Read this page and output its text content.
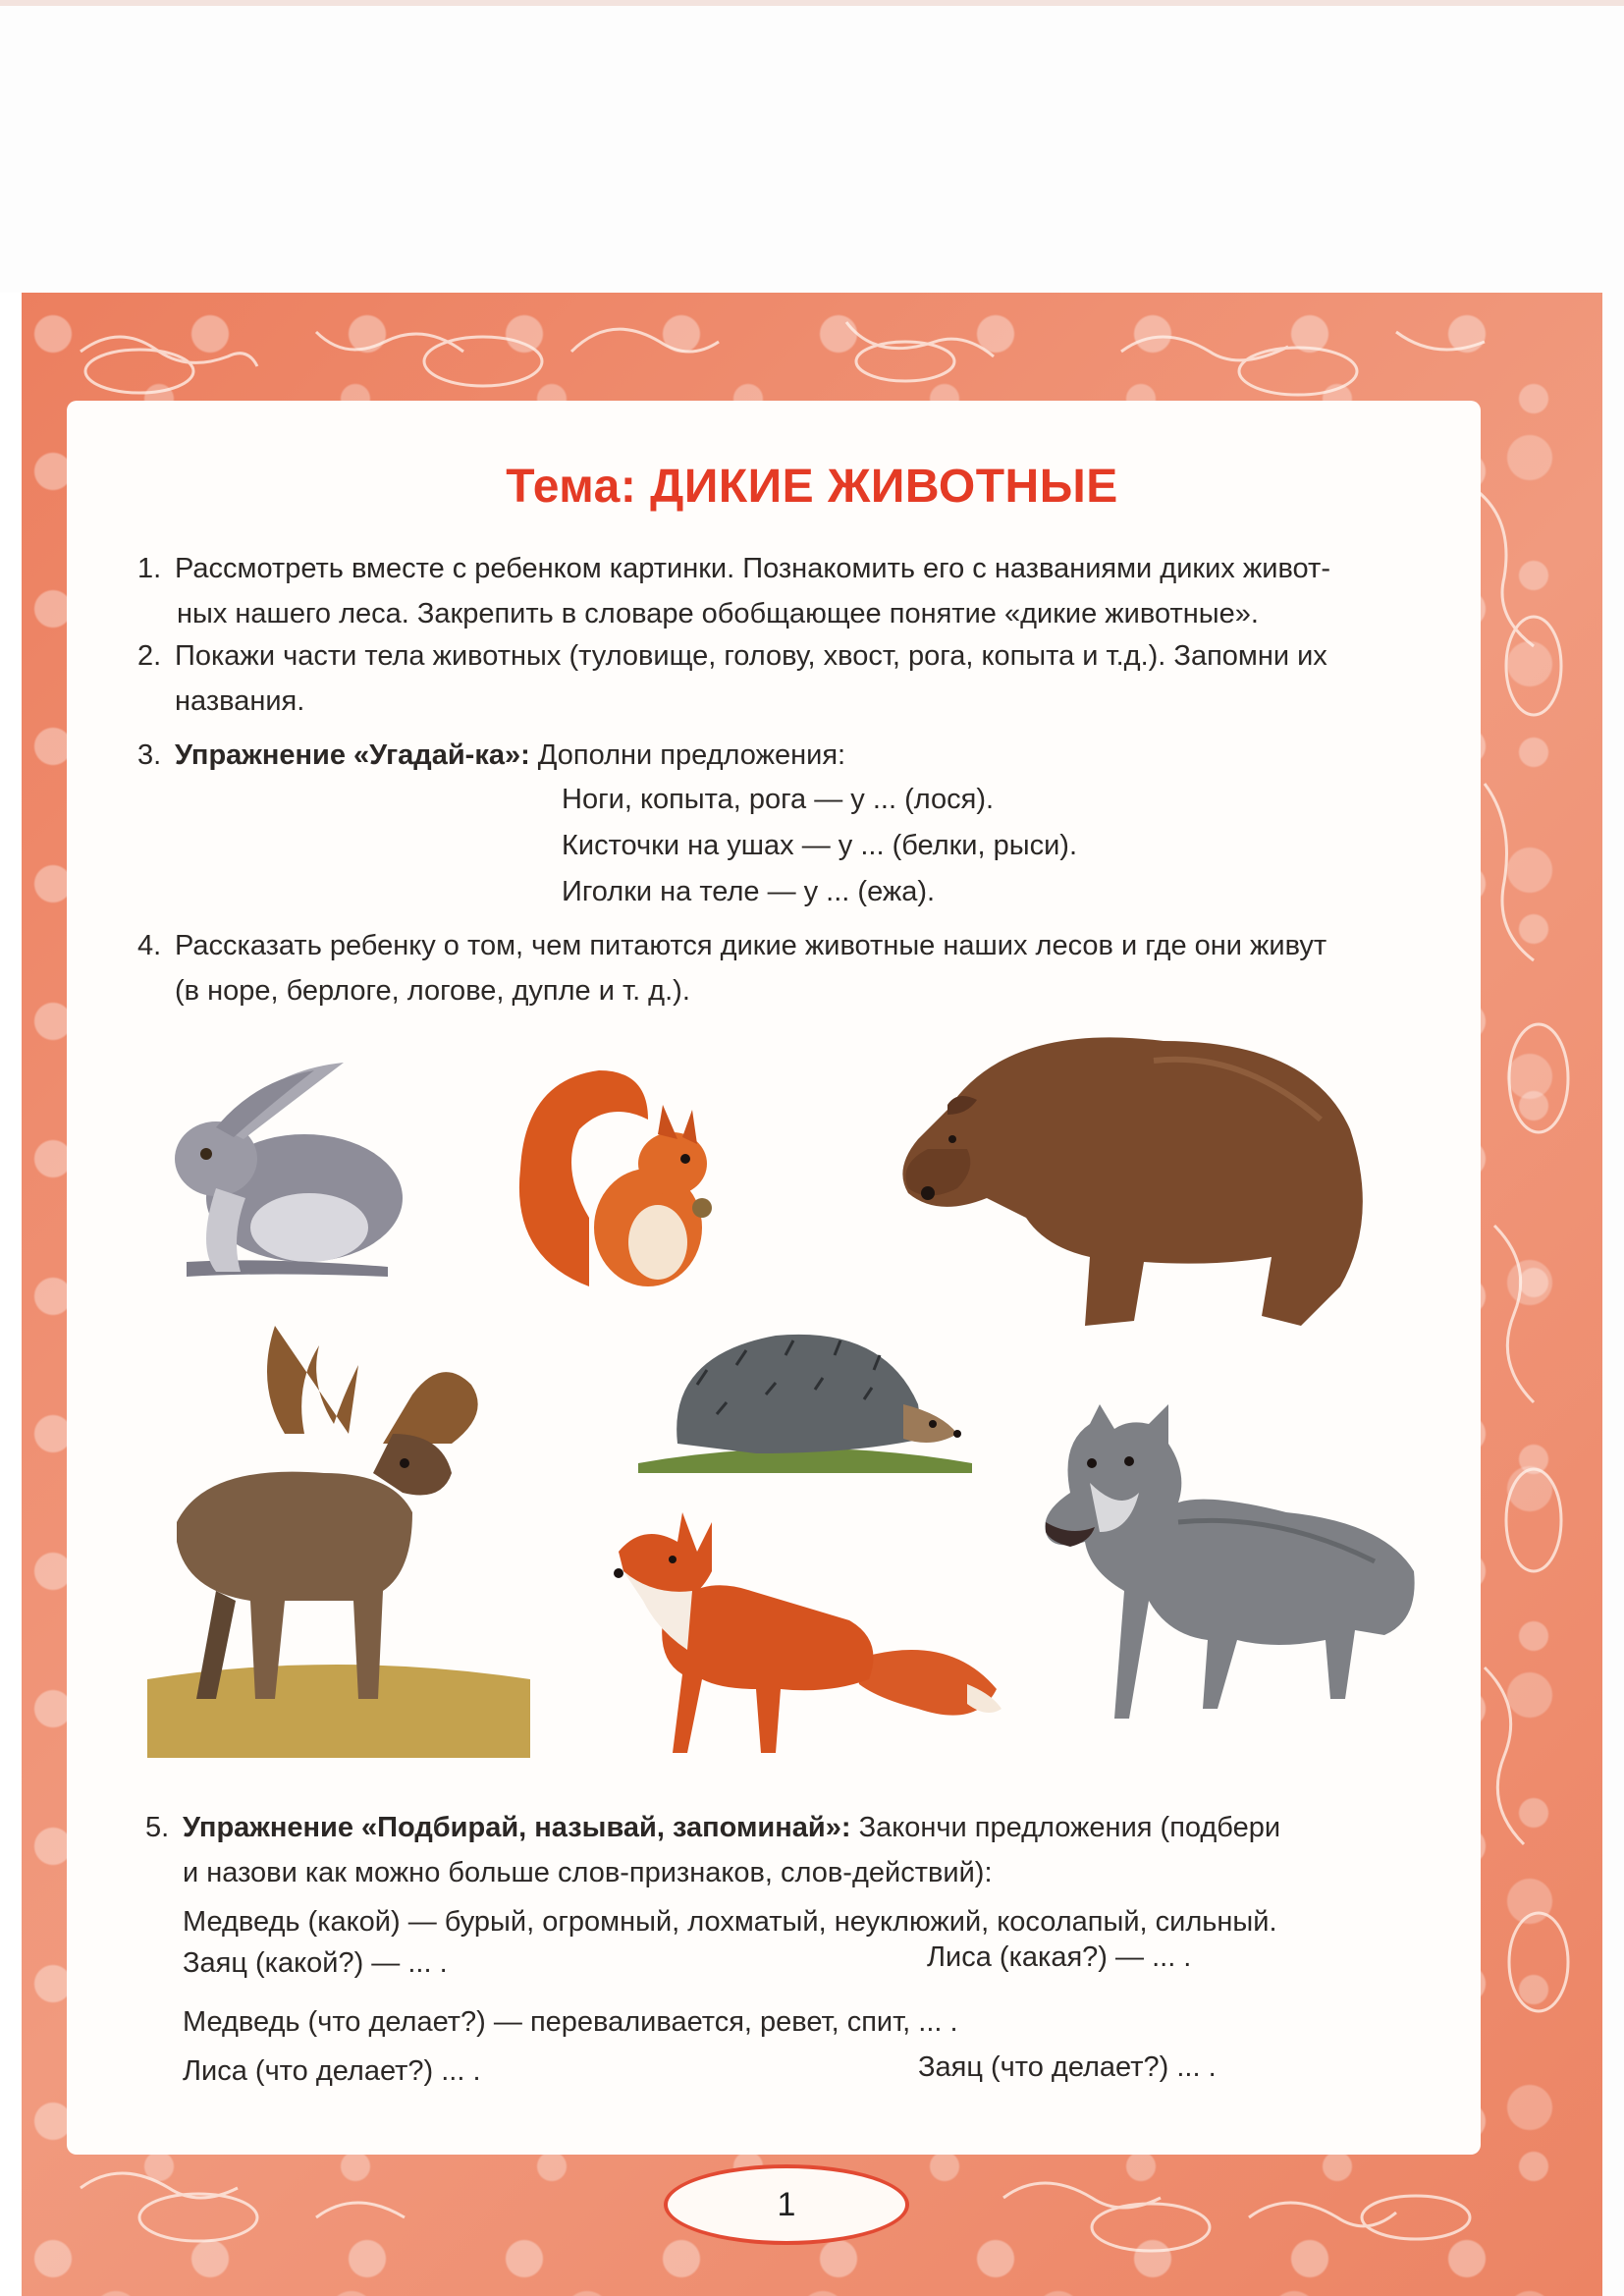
Тема: ДИКИЕ ЖИВОТНЫЕ
1. Рассмотреть вместе с ребенком картинки. Познакомить его с названиями диких живот-
ных нашего леса. Закрепить в словаре обобщающее понятие «дикие животные».
2. Покажи части тела животных (туловище, голову, хвост, рога, копыта и т.д.). Запомни их
названия.
3. Упражнение «Угадай-ка»: Дополни предложения:
Ноги, копыта, рога — у ... (лося).
Кисточки на ушах — у ... (белки, рыси).
Иголки на теле — у ... (ежа).
4. Рассказать ребенку о том, чем питаются дикие животные наших лесов и где они живут
(в норе, берлоге, логове, дупле и т. д.).
5. Упражнение «Подбирай, называй, запоминай»: Закончи предложения (подбери
и назови как можно больше слов-признаков, слов-действий):
Медведь (какой) — бурый, огромный, лохматый, неуклюжий, косолапый, сильный.
Заяц (какой?) — ... .	Лиса (какая?) — ... .
Медведь (что делает?) — переваливается, ревет, спит, ... .
Лиса (что делает?) ... .	Заяц (что делает?) ... .
1
